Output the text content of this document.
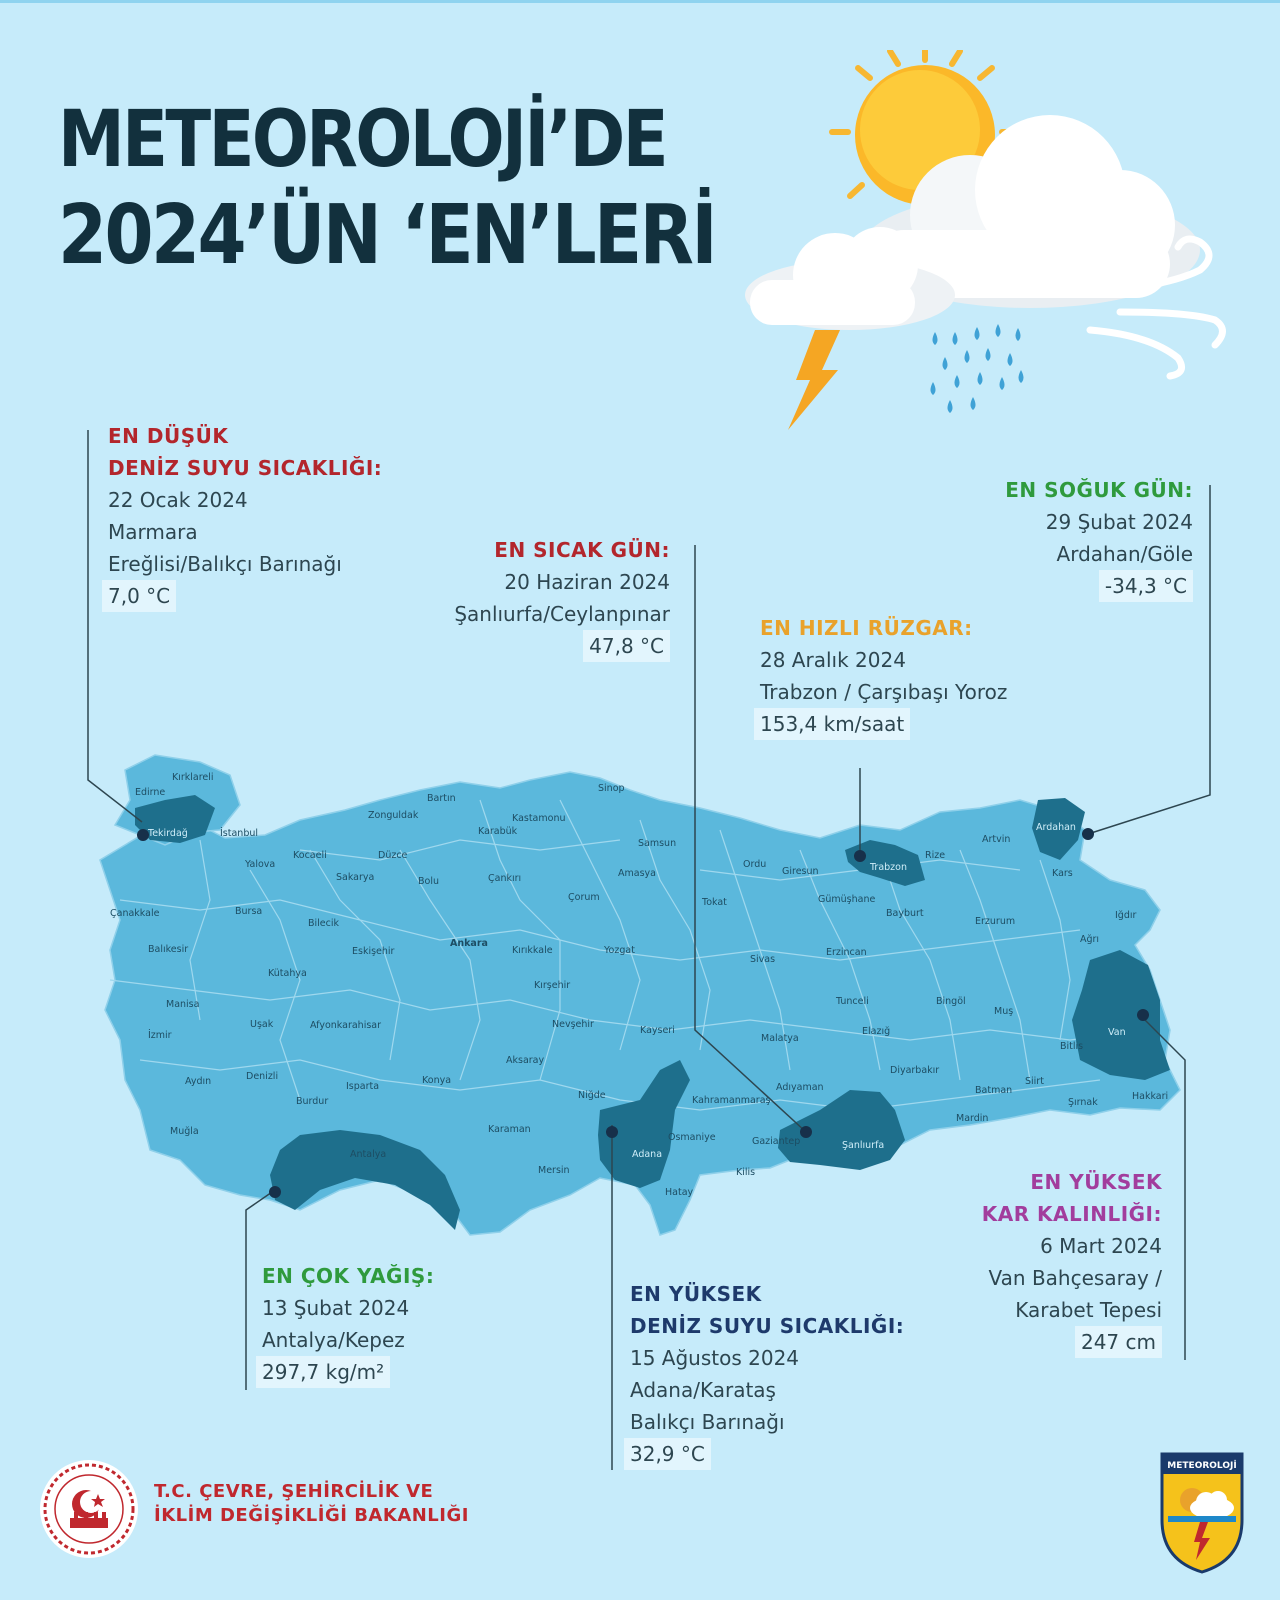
METEOROLOJİ’DE
2024’ÜN ‘EN’LERİ
Edirne
Kırklareli
Tekirdağ	İstanbul
Çanakkale
Balıkesir
Bursa
Yalova
Kocaeli
Sakarya
Düzce
Bolu
Zonguldak
Bartın
Karabük
Kastamonu
Sinop
Samsun
Çankırı
Çorum
Amasya
Tokat
Ordu
Giresun	Trabzon
Rize
Artvin
Ardahan
Kars
Iğdır
Ağrı
Erzurum
Bayburt
Gümüşhane
Erzincan
Sivas
Yozgat
Kırıkkale
Ankara
Bilecik
Eskişehir
Kütahya
Manisa
İzmir
Uşak	Afyonkarahisar
Aydın	Denizli
Muğla
Burdur
Isparta
Antalya
Konya
Aksaray
Kırşehir
Nevşehir
Kayseri
Niğde
Karaman
Mersin
Adana
Osmaniye
Hatay
Kahramanmaraş
Gaziantep
Kilis
Adıyaman
Malatya
Şanlıurfa
Elazığ
Tunceli	Bingöl
Muş
Diyarbakır
Batman
Mardin
Siirt
Bitlis
Van
Şırnak
Hakkari
EN DÜŞÜK
DENİZ SUYU SICAKLIĞI:
22 Ocak 2024
Marmara
Ereğlisi/Balıkçı Barınağı
7,0 °C
EN SICAK GÜN:
20 Haziran 2024
Şanlıurfa/Ceylanpınar
47,8 °C
EN SOĞUK GÜN:
29 Şubat 2024
Ardahan/Göle
-34,3 °C
EN HIZLI RÜZGAR:
28 Aralık 2024
Trabzon / Çarşıbaşı Yoroz
153,4 km/saat
EN ÇOK YAĞIŞ:
13 Şubat 2024
Antalya/Kepez
297,7 kg/m²
EN YÜKSEK
DENİZ SUYU SICAKLIĞI:
15 Ağustos 2024
Adana/Karataş
Balıkçı Barınağı
32,9 °C
EN YÜKSEK
KAR KALINLIĞI:
6 Mart 2024
Van Bahçesaray /
Karabet Tepesi
247 cm
T.C. ÇEVRE, ŞEHİRCİLİK VE
İKLİM DEĞİŞİKLİĞİ BAKANLIĞI
METEOROLOJİ
